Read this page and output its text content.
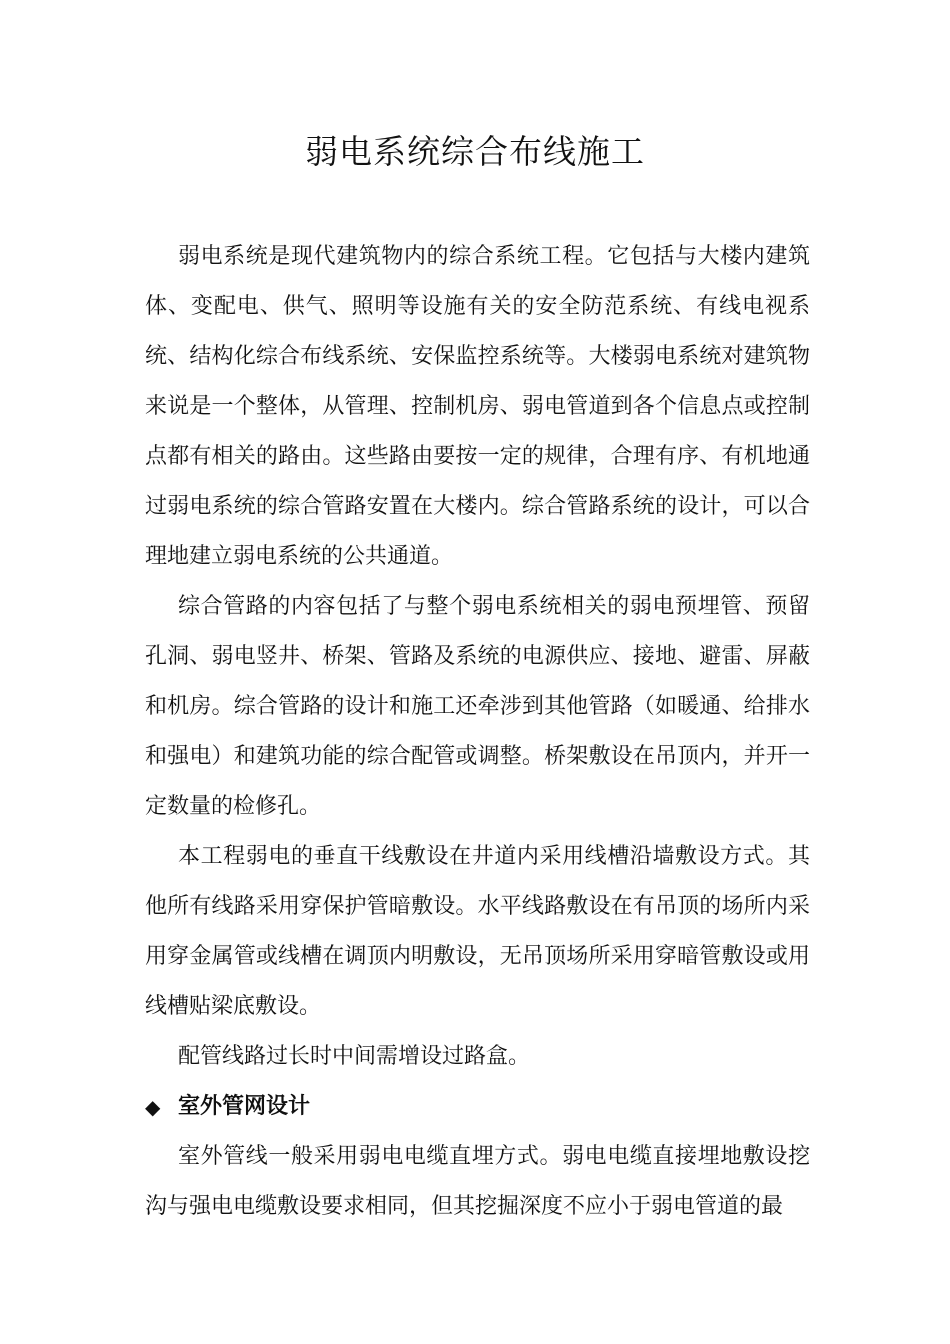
弱电系统综合布线施工

弱电系统是现代建筑物内的综合系统工程。它包括与大楼内建筑体、变配电、供气、照明等设施有关的安全防范系统、有线电视系统、结构化综合布线系统、安保监控系统等。大楼弱电系统对建筑物来说是一个整体，从管理、控制机房、弱电管道到各个信息点或控制点都有相关的路由。这些路由要按一定的规律，合理有序、有机地通过弱电系统的综合管路安置在大楼内。综合管路系统的设计，可以合理地建立弱电系统的公共通道。

综合管路的内容包括了与整个弱电系统相关的弱电预埋管、预留孔洞、弱电竖井、桥架、管路及系统的电源供应、接地、避雷、屏蔽和机房。综合管路的设计和施工还牵涉到其他管路（如暖通、给排水和强电）和建筑功能的综合配管或调整。桥架敷设在吊顶内，并开一定数量的检修孔。

本工程弱电的垂直干线敷设在井道内采用线槽沿墙敷设方式。其他所有线路采用穿保护管暗敷设。水平线路敷设在有吊顶的场所内采用穿金属管或线槽在调顶内明敷设，无吊顶场所采用穿暗管敷设或用线槽贴梁底敷设。

配管线路过长时中间需增设过路盒。

◆ 室外管网设计

室外管线一般采用弱电电缆直埋方式。弱电电缆直接埋地敷设挖沟与强电电缆敷设要求相同，但其挖掘深度不应小于弱电管道的最
